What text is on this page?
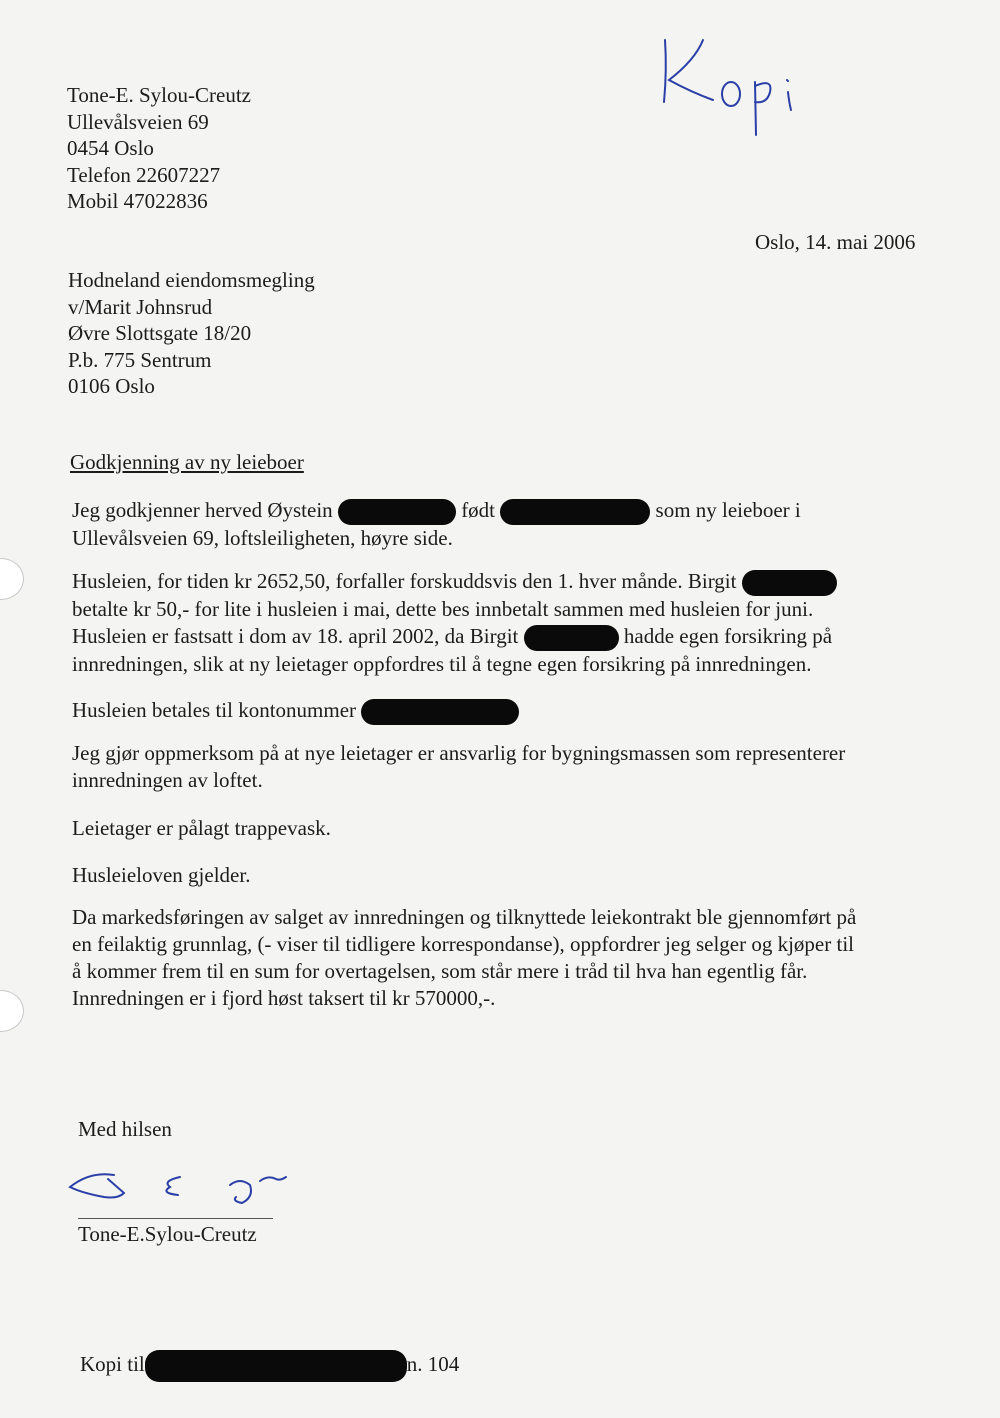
Tone-E. Sylou-Creutz
Ullevålsveien 69
0454 Oslo
Telefon 22607227
Mobil 47022836
Oslo, 14. mai 2006
Hodneland eiendomsmegling
v/Marit Johnsrud
Øvre Slottsgate 18/20
P.b. 775 Sentrum
0106 Oslo
Godkjenning av ny leieboer
Jeg godkjenner herved Øystein	født	som ny leieboer i
Ullevålsveien 69, loftsleiligheten, høyre side.
Husleien, for tiden kr 2652,50, forfaller forskuddsvis den 1. hver månde. Birgit
betalte kr 50,- for lite i husleien i mai, dette bes innbetalt sammen med husleien for juni.
Husleien er fastsatt i dom av 18. april 2002, da Birgit	hadde egen forsikring på
innredningen, slik at ny leietager oppfordres til å tegne egen forsikring på innredningen.
Husleien betales til kontonummer
Jeg gjør oppmerksom på at nye leietager er ansvarlig for bygningsmassen som representerer
innredningen av loftet.
Leietager er pålagt trappevask.
Husleieloven gjelder.
Da markedsføringen av salget av innredningen og tilknyttede leiekontrakt ble gjennomført på
en feilaktig grunnlag, (- viser til tidligere korrespondanse), oppfordrer jeg selger og kjøper til
å kommer frem til en sum for overtagelsen, som står mere i tråd til hva han egentlig får.
Innredningen er i fjord høst taksert til kr 570000,-.
Med hilsen
Tone-E.Sylou-Creutz
Kopi til	n. 104
